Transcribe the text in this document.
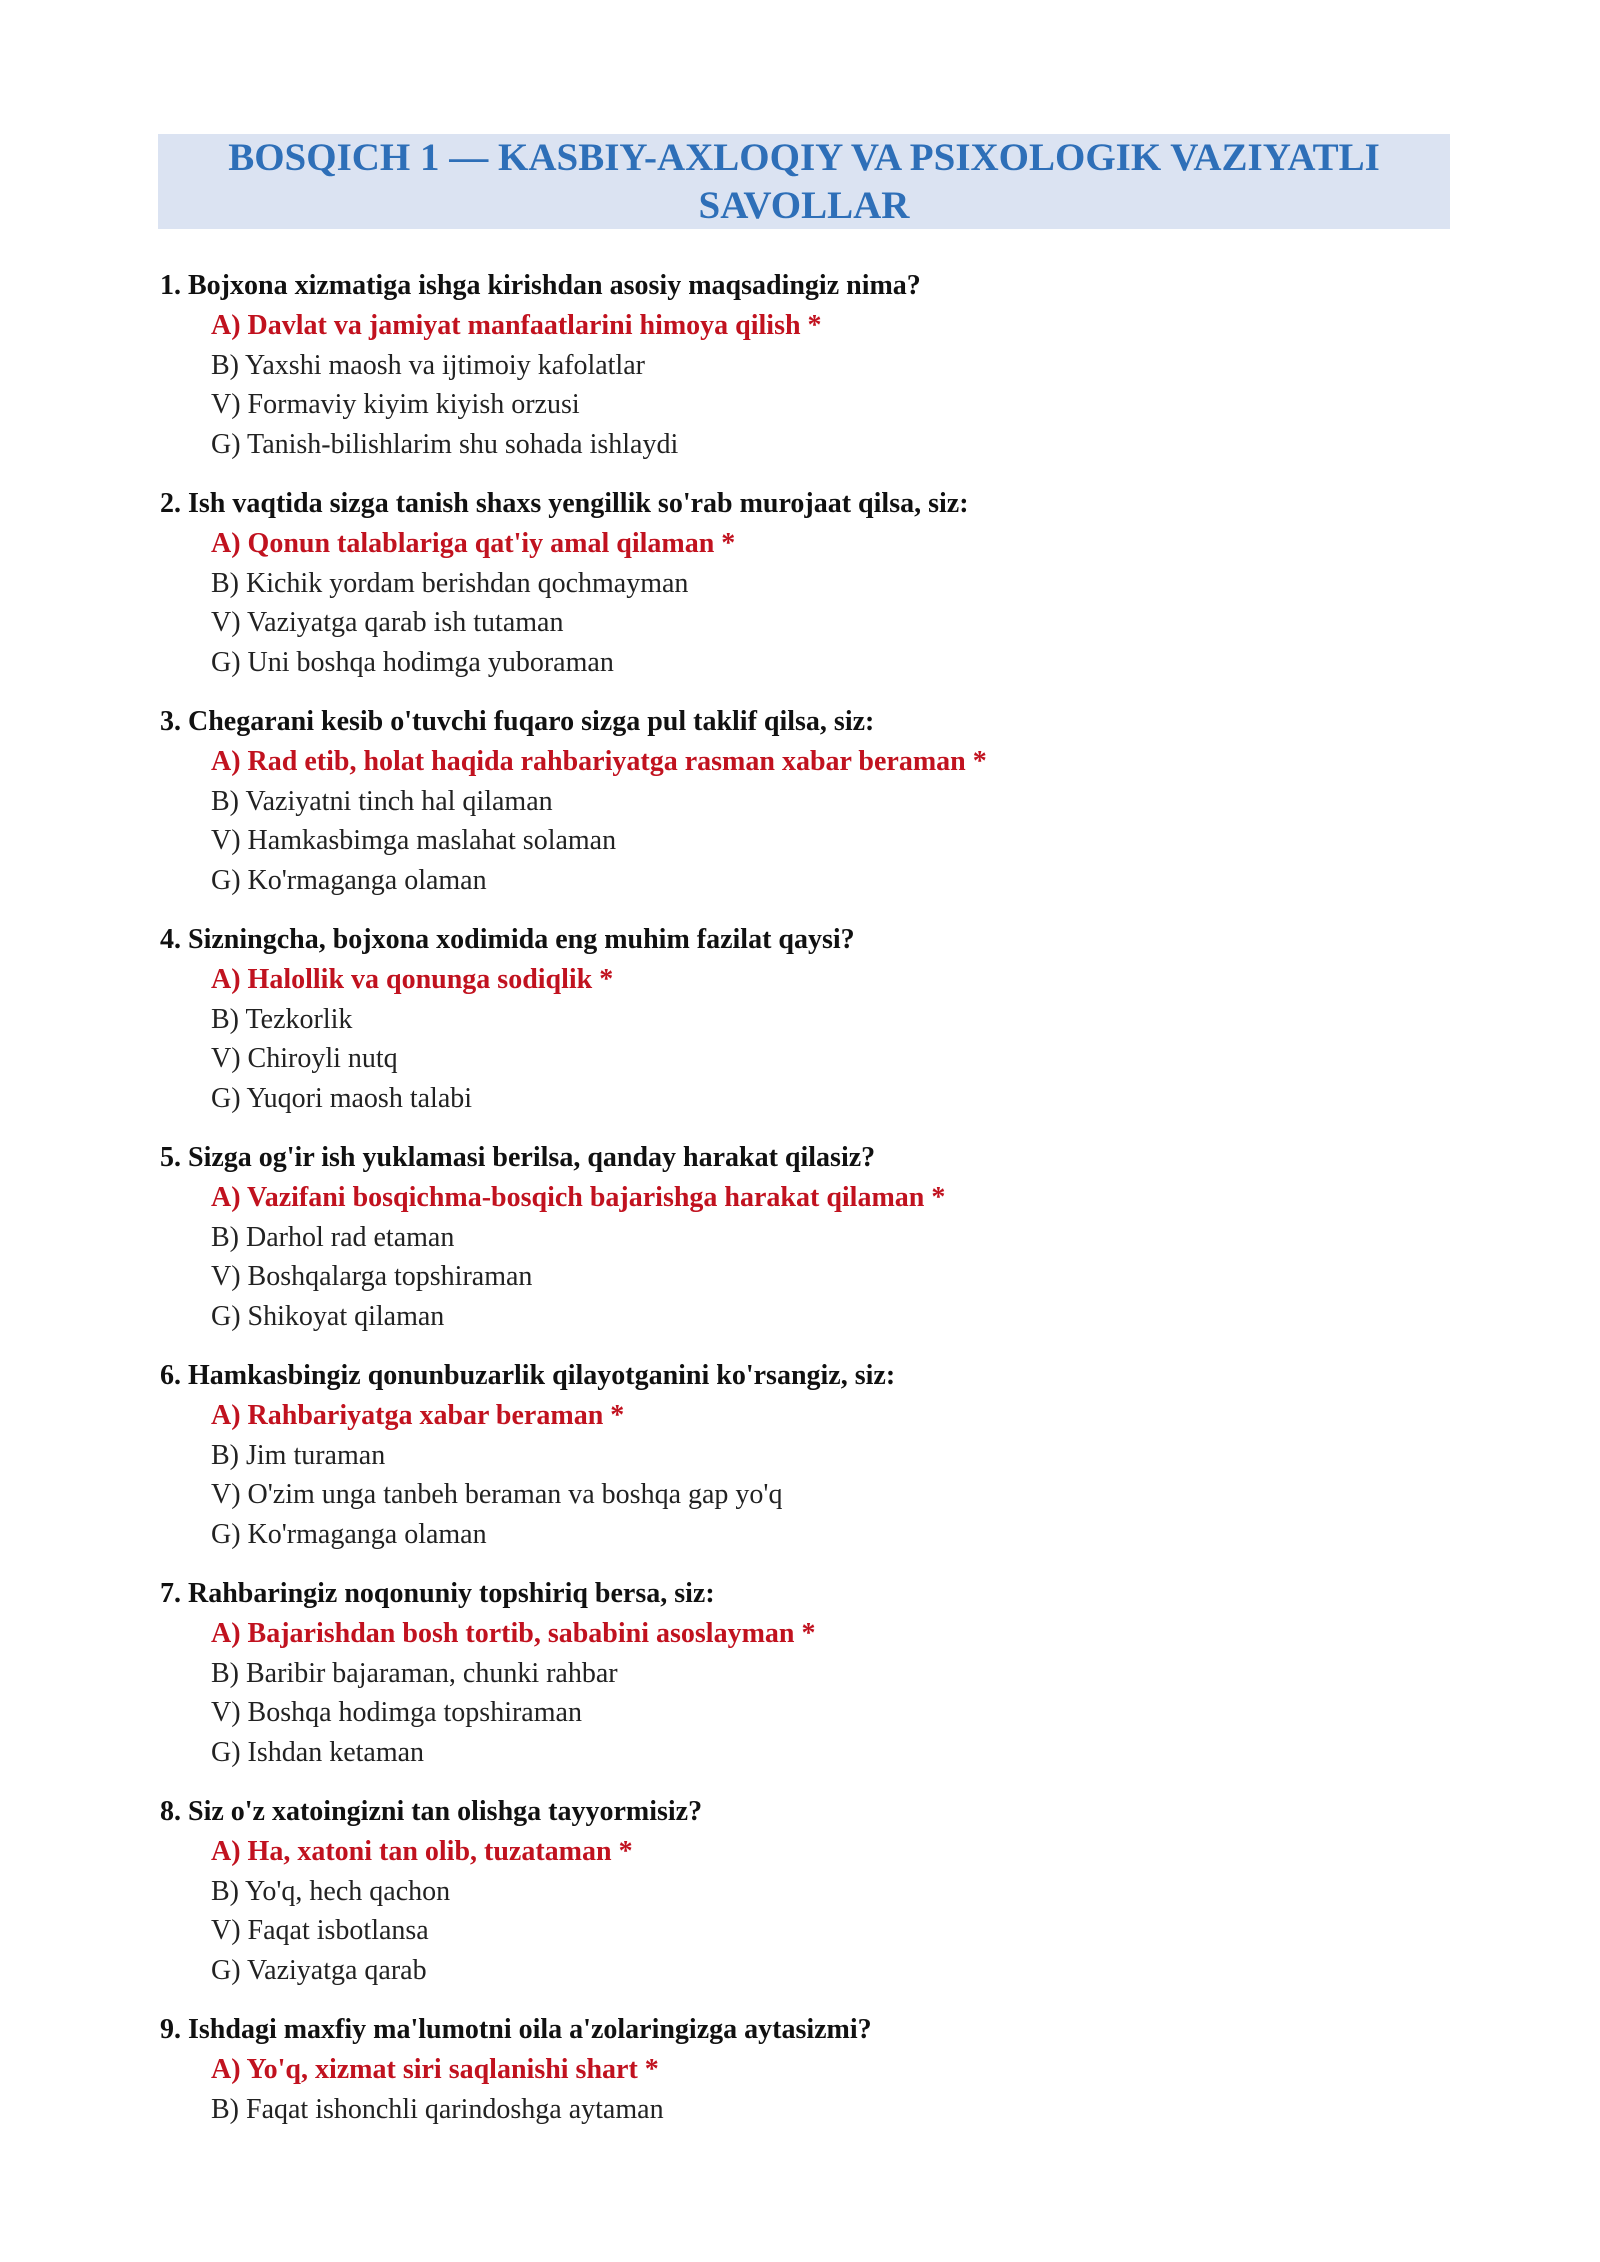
BOSQICH 1 — KASBIY-AXLOQIY VA PSIXOLOGIK VAZIYATLI SAVOLLAR
1. Bojxona xizmatiga ishga kirishdan asosiy maqsadingiz nima?
A) Davlat va jamiyat manfaatlarini himoya qilish *
B) Yaxshi maosh va ijtimoiy kafolatlar
V) Formaviy kiyim kiyish orzusi
G) Tanish-bilishlarim shu sohada ishlaydi
2. Ish vaqtida sizga tanish shaxs yengillik so'rab murojaat qilsa, siz:
A) Qonun talablariga qat'iy amal qilaman *
B) Kichik yordam berishdan qochmayman
V) Vaziyatga qarab ish tutaman
G) Uni boshqa hodimga yuboraman
3. Chegarani kesib o'tuvchi fuqaro sizga pul taklif qilsa, siz:
A) Rad etib, holat haqida rahbariyatga rasman xabar beraman *
B) Vaziyatni tinch hal qilaman
V) Hamkasbimga maslahat solaman
G) Ko'rmaganga olaman
4. Sizningcha, bojxona xodimida eng muhim fazilat qaysi?
A) Halollik va qonunga sodiqlik *
B) Tezkorlik
V) Chiroyli nutq
G) Yuqori maosh talabi
5. Sizga og'ir ish yuklamasi berilsa, qanday harakat qilasiz?
A) Vazifani bosqichma-bosqich bajarishga harakat qilaman *
B) Darhol rad etaman
V) Boshqalarga topshiraman
G) Shikoyat qilaman
6. Hamkasbingiz qonunbuzarlik qilayotganini ko'rsangiz, siz:
A) Rahbariyatga xabar beraman *
B) Jim turaman
V) O'zim unga tanbeh beraman va boshqa gap yo'q
G) Ko'rmaganga olaman
7. Rahbaringiz noqonuniy topshiriq bersa, siz:
A) Bajarishdan bosh tortib, sababini asoslayman *
B) Baribir bajaraman, chunki rahbar
V) Boshqa hodimga topshiraman
G) Ishdan ketaman
8. Siz o'z xatoingizni tan olishga tayyormisiz?
A) Ha, xatoni tan olib, tuzataman *
B) Yo'q, hech qachon
V) Faqat isbotlansa
G) Vaziyatga qarab
9. Ishdagi maxfiy ma'lumotni oila a'zolaringizga aytasizmi?
A) Yo'q, xizmat siri saqlanishi shart *
B) Faqat ishonchli qarindoshga aytaman
